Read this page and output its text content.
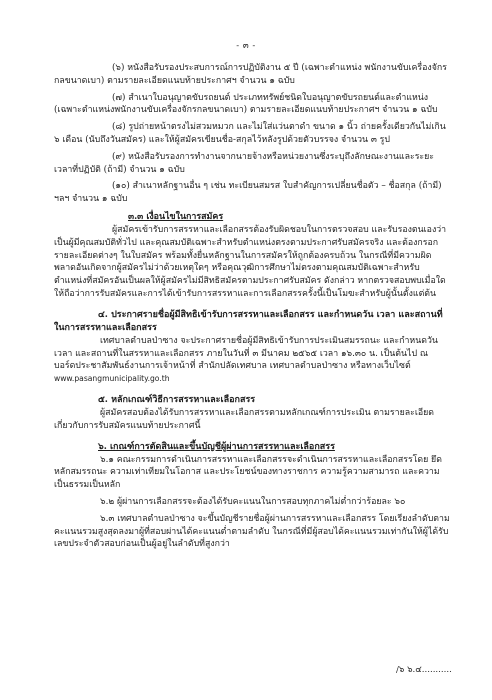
- ๓ -
(๖) หนังสือรับรองประสบการณ์การปฏิบัติงาน ๕ ปี (เฉพาะตำแหน่ง พนักงานขับเครื่องจักรกลขนาดเบา) ตามรายละเอียดแนบท้ายประกาศฯ จำนวน ๑ ฉบับ
(๗) สำเนาใบอนุญาตขับรถยนต์ ประเภททรัพย์ชนิดใบอนุญาตขับรถยนต์และตำแหน่ง (เฉพาะตำแหน่งพนักงานขับเครื่องจักรกลขนาดเบา) ตามรายละเอียดแนบท้ายประกาศฯ จำนวน ๑ ฉบับ
(๘) รูปถ่ายหน้าตรงไม่สวมหมวก และไม่ใส่แว่นตาดำ ขนาด ๑ นิ้ว ถ่ายครั้งเดียวกันไม่เกิน ๖ เดือน (นับถึงวันสมัคร) และให้ผู้สมัครเขียนชื่อ-สกุลไว้หลังรูปด้วยตัวบรรจง จำนวน ๓ รูป
(๙) หนังสือรับรองการทำงานจากนายจ้างหรือหน่วยงานซึ่งระบุถึงลักษณะงานและระยะเวลาที่ปฏิบัติ (ถ้ามี) จำนวน ๑ ฉบับ
(๑๐) สำเนาหลักฐานอื่น ๆ เช่น ทะเบียนสมรส ใบสำคัญการเปลี่ยนชื่อตัว – ชื่อสกุล (ถ้ามี) ฯลฯ จำนวน ๑ ฉบับ
๓.๓ เงื่อนไขในการสมัคร
ผู้สมัครเข้ารับการสรรหาและเลือกสรรต้องรับผิดชอบในการตรวจสอบ และรับรองตนเองว่าเป็นผู้มีคุณสมบัติทั่วไป และคุณสมบัติเฉพาะสำหรับตำแหน่งตรงตามประกาศรับสมัครจริง และต้องกรอกรายละเอียดต่างๆ ในใบสมัคร พร้อมทั้งยื่นหลักฐานในการสมัครให้ถูกต้องครบถ้วน ในกรณีที่มีความผิดพลาดอันเกิดจากผู้สมัครไม่ว่าด้วยเหตุใดๆ หรือคุณวุฒิการศึกษาไม่ตรงตามคุณสมบัติเฉพาะสำหรับตำแหน่งที่สมัครอันเป็นผลให้ผู้สมัครไม่มีสิทธิสมัครตามประกาศรับสมัคร ดังกล่าว หากตรวจสอบพบเมื่อใด ให้ถือว่าการรับสมัครและการได้เข้ารับการสรรหาและการเลือกสรรครั้งนี้เป็นโมฆะสำหรับผู้นั้นตั้งแต่ต้น
๔. ประกาศรายชื่อผู้มีสิทธิเข้ารับการสรรหาและเลือกสรร และกำหนดวัน เวลา และสถานที่ในการสรรหาและเลือกสรร
เทศบาลตำบลป่าซาง จะประกาศรายชื่อผู้มีสิทธิเข้ารับการประเมินสมรรถนะ และกำหนดวัน เวลา และสถานที่ในสรรหาและเลือกสรร ภายในวันที่ ๓ มีนาคม ๒๕๖๕ เวลา ๑๖.๓๐ น. เป็นต้นไป ณ บอร์ดประชาสัมพันธ์งานการเจ้าหน้าที่ สำนักปลัดเทศบาล เทศบาลตำบลป่าซาง หรือทางเว็บไซต์
www.pasangmunicipality.go.th
๕. หลักเกณฑ์วิธีการสรรหาและเลือกสรร
ผู้สมัครสอบต้องได้รับการสรรหาและเลือกสรรตามหลักเกณฑ์การประเมิน ตามรายละเอียดเกี่ยวกับการรับสมัครแนบท้ายประกาศนี้
๖. เกณฑ์การตัดสินและขึ้นบัญชีผู้ผ่านการสรรหาและเลือกสรร
๖.๑ คณะกรรมการดำเนินการสรรหาและเลือกสรรจะดำเนินการสรรหาและเลือกสรรโดย ยึดหลักสมรรถนะ ความเท่าเทียมในโอกาส และประโยชน์ของทางราชการ ความรู้ความสามารถ และความเป็นธรรมเป็นหลัก
๖.๒ ผู้ผ่านการเลือกสรรจะต้องได้รับคะแนนในการสอบทุกภาคไม่ต่ำกว่าร้อยละ ๖๐
๖.๓ เทศบาลตำบลป่าซาง จะขึ้นบัญชีรายชื่อผู้ผ่านการสรรหาและเลือกสรร โดยเรียงลำดับตามคะแนนรวมสูงสุดลงมาผู้ที่สอบผ่านได้คะแนนต่ำตามลำดับ ในกรณีที่มีผู้สอบได้คะแนนรวมเท่ากันให้ผู้ได้รับเลขประจำตัวสอบก่อนเป็นผู้อยู่ในลำดับที่สูงกว่า
/๖ ๖.๔...........
